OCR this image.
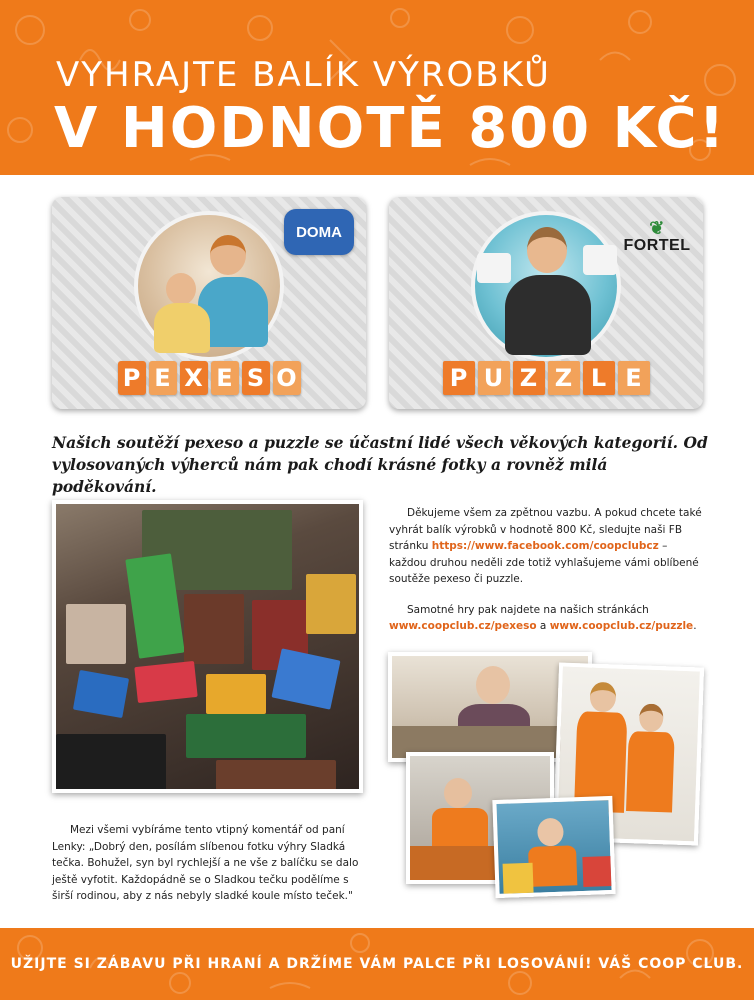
VYHRAJTE BALÍK VÝROBKŮ
V HODNOTĚ 800 KČ!
DOMA
P E X E S O
❦
FORTEL
P U Z Z L E
Našich soutěží pexeso a puzzle se účastní lidé všech věkových kategorií. Od vylosovaných výherců nám pak chodí krásné fotky a rovněž milá poděkování.

Děkujeme všem za zpětnou vazbu. A pokud chcete také vyhrát balík výrobků v hodnotě 800 Kč, sledujte naši FB stránku https://www.facebook.com/coopclubcz – každou druhou neděli zde totiž vyhlašujeme vámi oblíbené soutěže pexeso či puzzle.

Samotné hry pak najdete na našich stránkách www.coopclub.cz/pexeso a www.coopclub.cz/puzzle.

Mezi všemi vybíráme tento vtipný komentář od paní Lenky: „Dobrý den, posílám slíbenou fotku výhry Sladká tečka. Bohužel, syn byl rychlejší a ne vše z balíčku se dalo ještě vyfotit. Každopádně se o Sladkou tečku podělíme s širší rodinou, aby z nás nebyly sladké koule místo teček."
UŽIJTE SI ZÁBAVU PŘI HRANÍ A DRŽÍME VÁM PALCE PŘI LOSOVÁNÍ! VÁŠ COOP CLUB.
